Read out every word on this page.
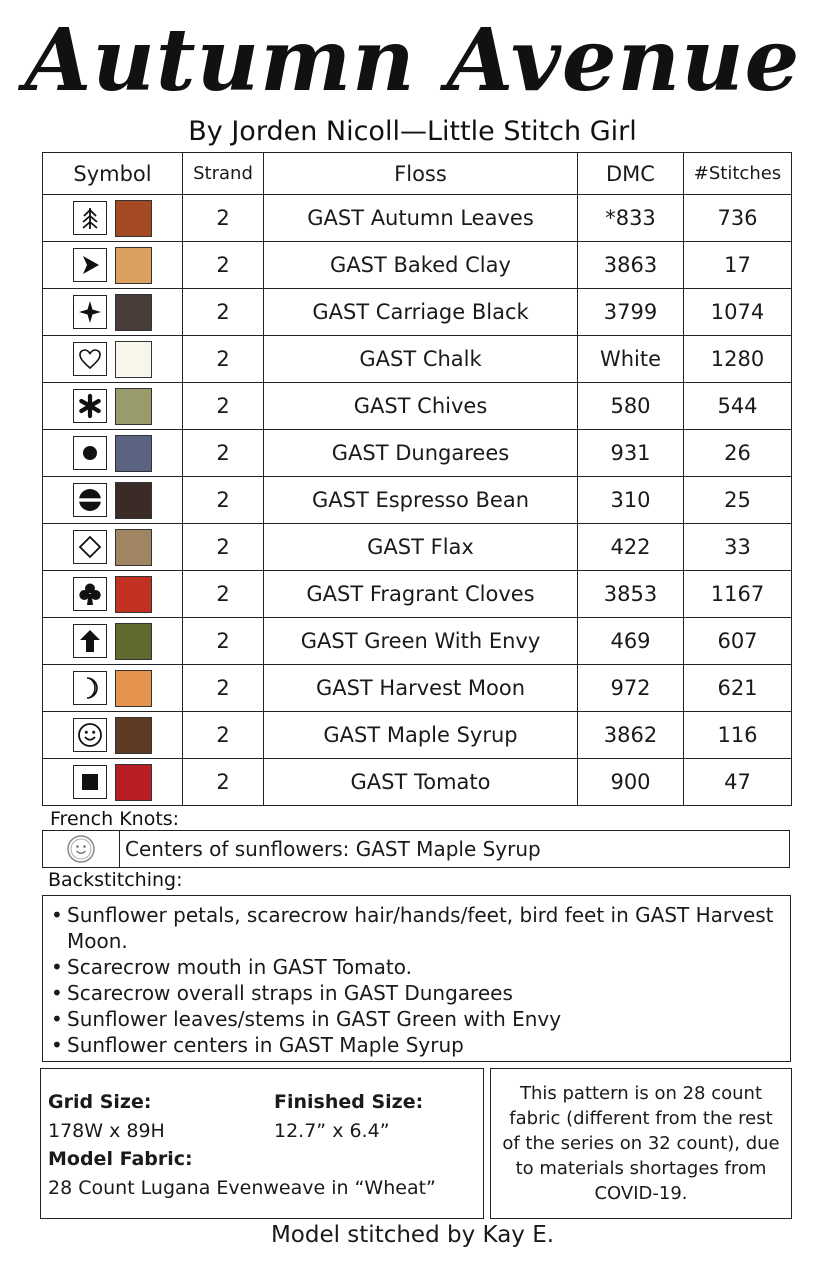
Autumn Avenue
By Jorden Nicoll—Little Stitch Girl
Symbol	Strand	Floss	DMC	#Stitches

	2	GAST Autumn Leaves	*833	736

	2	GAST Baked Clay	3863	17

	2	GAST Carriage Black	3799	1074

	2	GAST Chalk	White	1280

	2	GAST Chives	580	544

	2	GAST Dungarees	931	26

	2	GAST Espresso Bean	310	25

	2	GAST Flax	422	33

	2	GAST Fragrant Cloves	3853	1167

	2	GAST Green With Envy	469	607

	2	GAST Harvest Moon	972	621

	2	GAST Maple Syrup	3862	116

	2	GAST Tomato	900	47
French Knots:
Centers of sunflowers: GAST Maple Syrup
Backstitching:
• Sunflower petals, scarecrow hair/hands/feet, bird feet in GAST Harvest Moon.
• Scarecrow mouth in GAST Tomato.
• Scarecrow overall straps in GAST Dungarees
• Sunflower leaves/stems in GAST Green with Envy
• Sunflower centers in GAST Maple Syrup
Grid Size:
178W x 89H
Finished Size:
12.7” x 6.4”
Model Fabric:
28 Count Lugana Evenweave in “Wheat”
This pattern is on 28 count fabric (different from the rest of the series on 32 count), due to materials shortages from COVID-19.
Model stitched by Kay E.
